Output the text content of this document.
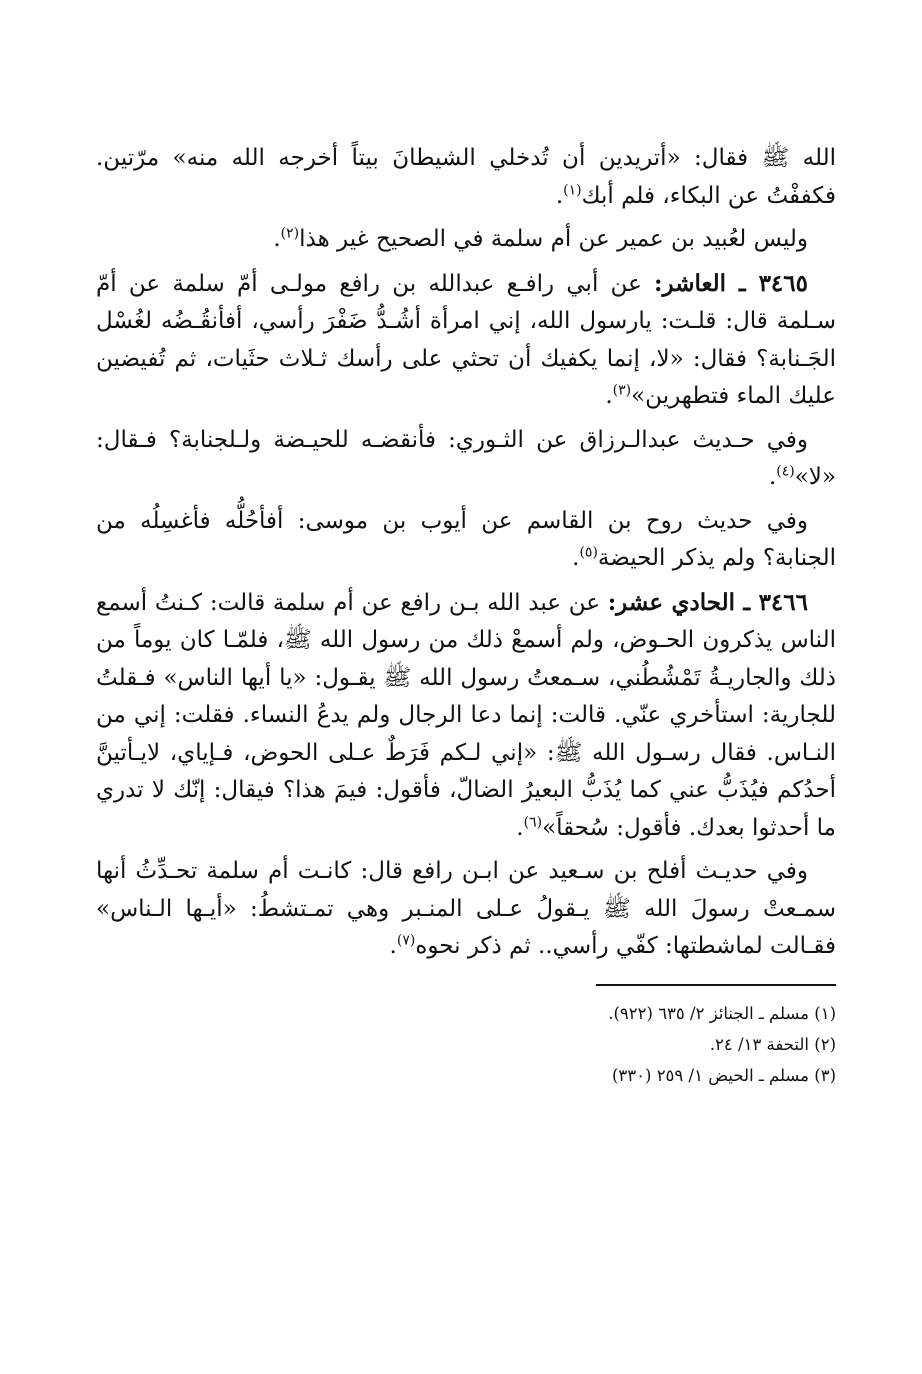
الله ﷺ فقال: «أتريدين أن تُدخلي الشيطانَ بيتاً أخرجه الله منه» مرّتين. فكففْتُ عن البكاء، فلم أبك$^{(١)}$.

وليس لعُبيد بن عمير عن أم سلمة في الصحيح غير هذا$^{(٢)}$.

٣٤٦٥ ـ العاشر: عن أبي رافـع عبدالله بن رافع مولـى أمّ سلمة عن أمّ سـلمة قال: قلـت: يارسول الله، إني امرأة أشُـدُّ ضَفْرَ رأسي، أفأنقُـضُه لغُسْل الجَـنابة؟ فقال: «لا، إنما يكفيك أن تحثي على رأسك ثـلاث حثَيات، ثم تُفيضين عليك الماء فتطهرين»$^{(٣)}$.

وفي حـديث عبدالـرزاق عن الثـوري: فأنقضـه للحيـضة ولـلجنابة؟ فـقال: «لا»$^{(٤)}$.

وفي حديث روح بن القاسم عن أيوب بن موسى: أفأحُلُّه فأغسِلُه من الجنابة؟ ولم يذكر الحيضة$^{(٥)}$.

٣٤٦٦ ـ الحادي عشر: عن عبد الله بـن رافع عن أم سلمة قالت: كـنتُ أسمع الناس يذكرون الحـوض، ولم أسمعْ ذلك من رسول الله ﷺ، فلمّـا كان يوماً من ذلك والجاريـةُ تَمْشُطُني، سـمعتُ رسول الله ﷺ يقـول: «يا أيها الناس» فـقلتُ للجارية: استأخري عنّي. قالت: إنما دعا الرجال ولم يدعُ النساء. فقلت: إني من النـاس. فقال رسـول الله ﷺ: «إني لـكم فَرَطٌ عـلى الحوض، فـإياي، لايـأتينَّ أحدُكم فيُذَبُّ عني كما يُذَبُّ البعيرُ الضالّ، فأقول: فيمَ هذا؟ فيقال: إنّك لا تدري ما أحدثوا بعدك. فأقول: سُحقاً»$^{(٦)}$.

وفي حديـث أفلح بن سـعيد عن ابـن رافع قال: كانـت أم سلمة تحـدِّثُ أنها سمـعتْ رسولَ الله ﷺ يـقولُ عـلى المنـبر وهي تمـتشطُ: «أيـها الـناس» فقـالت لماشطتها: كفّي رأسي.. ثم ذكر نحوه$^{(٧)}$.

(١) مسلم ـ الجنائز ٢/ ٦٣٥ (٩٢٢).
(٢) التحفة ١٣/ ٢٤.
(٣) مسلم ـ الحيض ١/ ٢٥٩ (٣٣٠)
